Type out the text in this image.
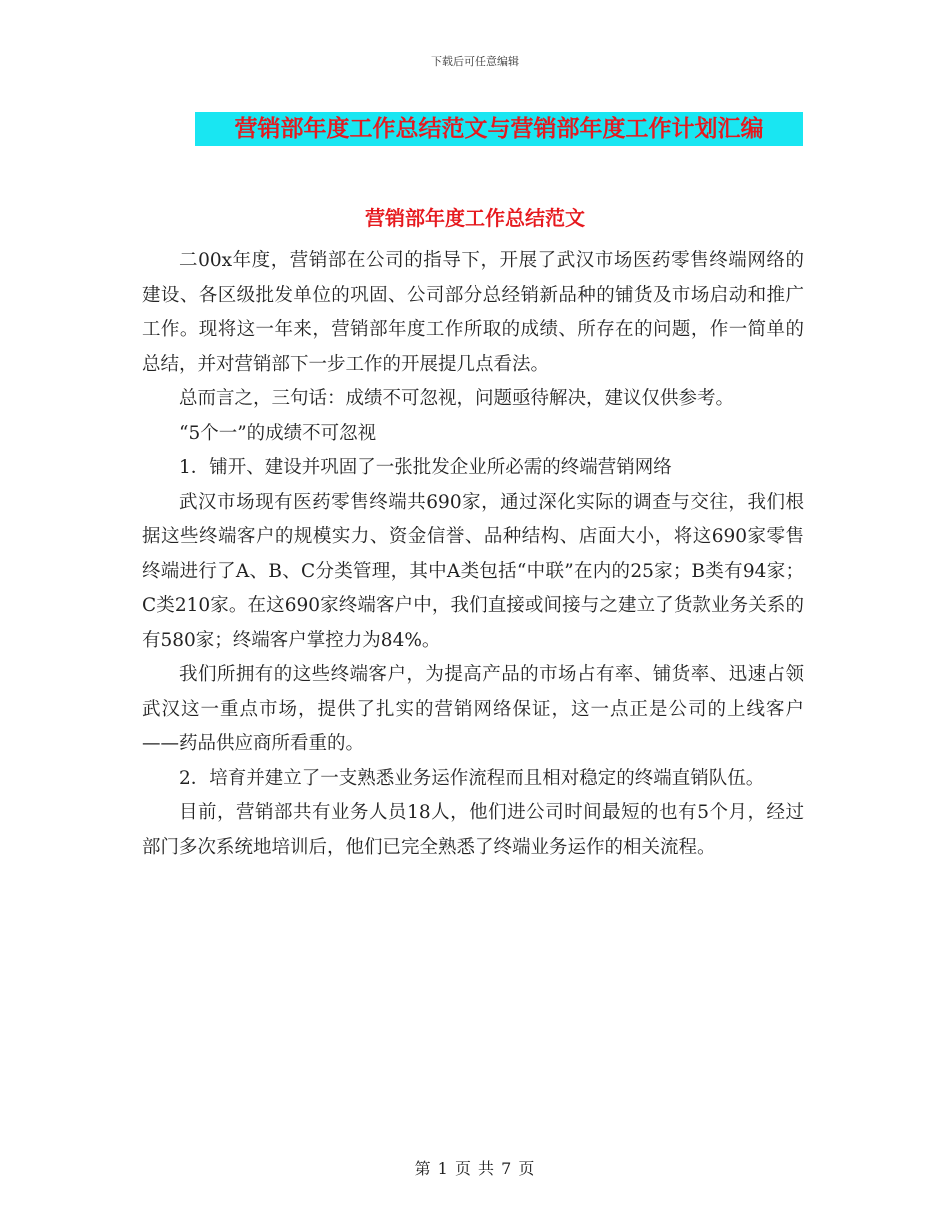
下载后可任意编辑
营销部年度工作总结范文与营销部年度工作计划汇编
营销部年度工作总结范文

二00x年度，营销部在公司的指导下，开展了武汉市场医药零售终端网络的建设、各区级批发单位的巩固、公司部分总经销新品种的铺货及市场启动和推广工作。现将这一年来，营销部年度工作所取的成绩、所存在的问题，作一简单的总结，并对营销部下一步工作的开展提几点看法。

总而言之，三句话：成绩不可忽视，问题亟待解决，建议仅供参考。

“5个一”的成绩不可忽视

1．铺开、建设并巩固了一张批发企业所必需的终端营销网络

武汉市场现有医药零售终端共690家，通过深化实际的调查与交往，我们根据这些终端客户的规模实力、资金信誉、品种结构、店面大小，将这690家零售终端进行了A、B、C分类管理，其中A类包括“中联”在内的25家；B类有94家；C类210家。在这690家终端客户中，我们直接或间接与之建立了货款业务关系的有580家；终端客户掌控力为84%。

我们所拥有的这些终端客户，为提高产品的市场占有率、铺货率、迅速占领武汉这一重点市场，提供了扎实的营销网络保证，这一点正是公司的上线客户——药品供应商所看重的。

2．培育并建立了一支熟悉业务运作流程而且相对稳定的终端直销队伍。

目前，营销部共有业务人员18人，他们进公司时间最短的也有5个月，经过部门多次系统地培训后，他们已完全熟悉了终端业务运作的相关流程。

第 1 页 共 7 页
